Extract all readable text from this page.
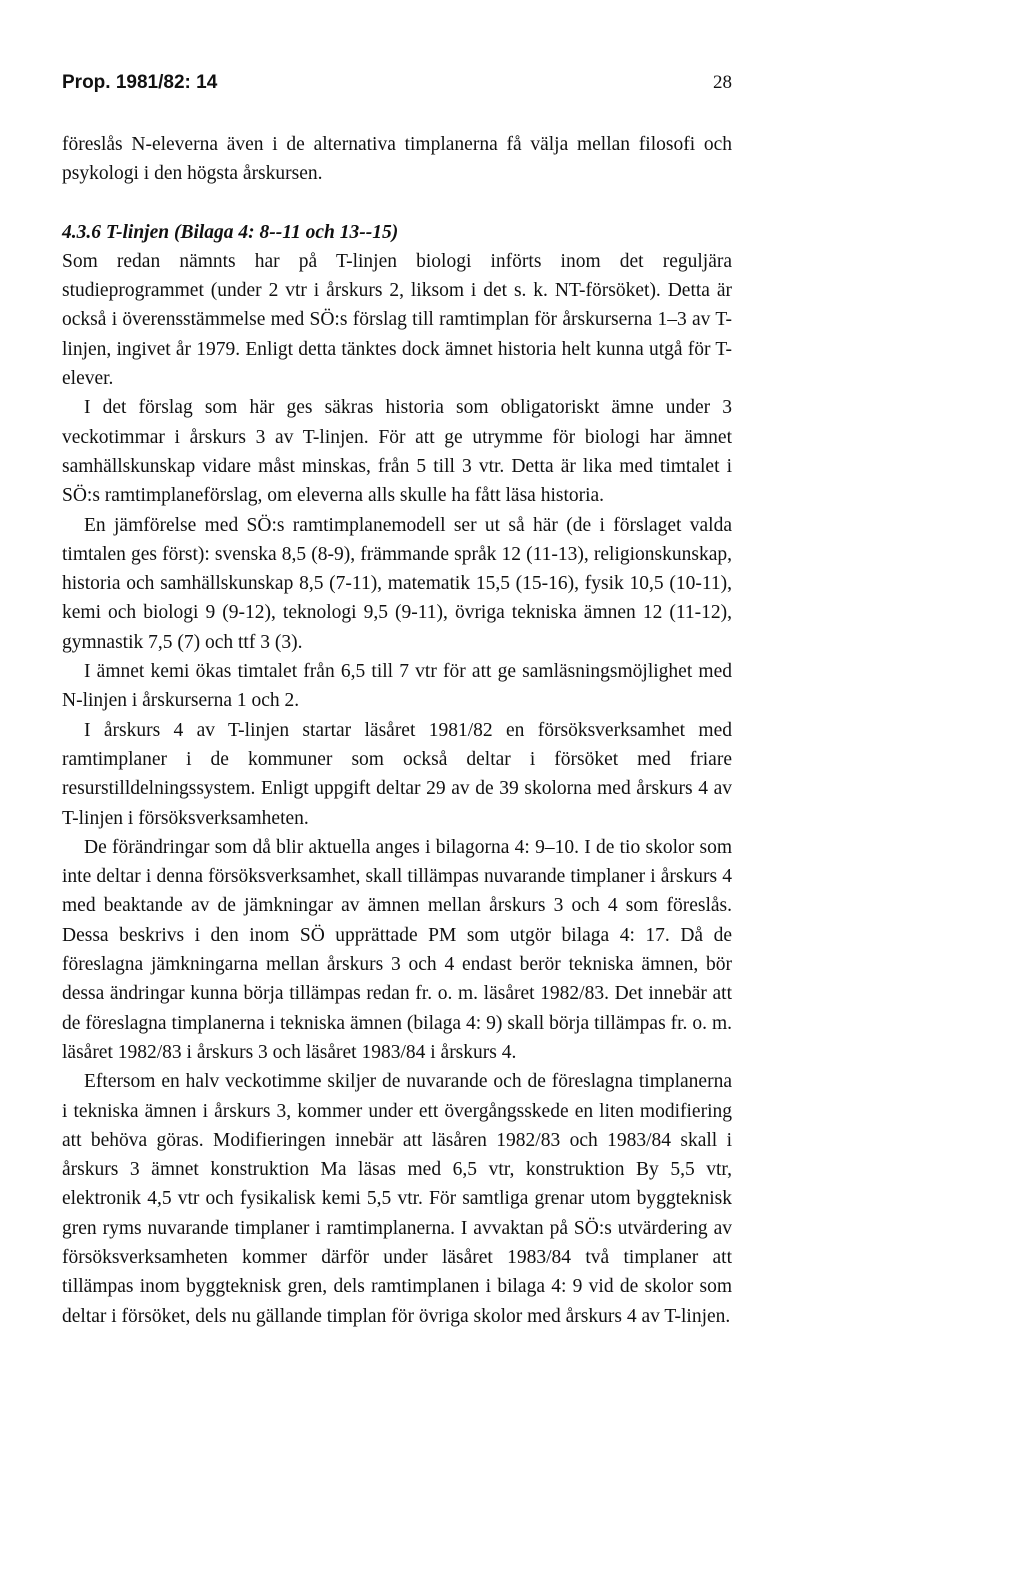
Prop. 1981/82: 14	28

föreslås N-eleverna även i de alternativa timplanerna få välja mellan filosofi och psykologi i den högsta årskursen.

4.3.6 T-linjen (Bilaga 4: 8--11 och 13--15)

Som redan nämnts har på T-linjen biologi införts inom det reguljära studieprogrammet (under 2 vtr i årskurs 2, liksom i det s. k. NT-försöket). Detta är också i överensstämmelse med SÖ:s förslag till ramtimplan för årskurserna 1–3 av T-linjen, ingivet år 1979. Enligt detta tänktes dock ämnet historia helt kunna utgå för T-elever.

I det förslag som här ges säkras historia som obligatoriskt ämne under 3 veckotimmar i årskurs 3 av T-linjen. För att ge utrymme för biologi har ämnet samhällskunskap vidare måst minskas, från 5 till 3 vtr. Detta är lika med timtalet i SÖ:s ramtimplaneförslag, om eleverna alls skulle ha fått läsa historia.

En jämförelse med SÖ:s ramtimplanemodell ser ut så här (de i förslaget valda timtalen ges först): svenska 8,5 (8-9), främmande språk 12 (11-13), religionskunskap, historia och samhällskunskap 8,5 (7-11), matematik 15,5 (15-16), fysik 10,5 (10-11), kemi och biologi 9 (9-12), teknologi 9,5 (9-11), övriga tekniska ämnen 12 (11-12), gymnastik 7,5 (7) och ttf 3 (3).

I ämnet kemi ökas timtalet från 6,5 till 7 vtr för att ge samläsningsmöjlighet med N-linjen i årskurserna 1 och 2.

I årskurs 4 av T-linjen startar läsåret 1981/82 en försöksverksamhet med ramtimplaner i de kommuner som också deltar i försöket med friare resurstilldelningssystem. Enligt uppgift deltar 29 av de 39 skolorna med årskurs 4 av T-linjen i försöksverksamheten.

De förändringar som då blir aktuella anges i bilagorna 4: 9–10. I de tio skolor som inte deltar i denna försöksverksamhet, skall tillämpas nuvarande timplaner i årskurs 4 med beaktande av de jämkningar av ämnen mellan årskurs 3 och 4 som föreslås. Dessa beskrivs i den inom SÖ upprättade PM som utgör bilaga 4: 17. Då de föreslagna jämkningarna mellan årskurs 3 och 4 endast berör tekniska ämnen, bör dessa ändringar kunna börja tillämpas redan fr. o. m. läsåret 1982/83. Det innebär att de föreslagna timplanerna i tekniska ämnen (bilaga 4: 9) skall börja tillämpas fr. o. m. läsåret 1982/83 i årskurs 3 och läsåret 1983/84 i årskurs 4.

Eftersom en halv veckotimme skiljer de nuvarande och de föreslagna timplanerna i tekniska ämnen i årskurs 3, kommer under ett övergångsskede en liten modifiering att behöva göras. Modifieringen innebär att läsåren 1982/83 och 1983/84 skall i årskurs 3 ämnet konstruktion Ma läsas med 6,5 vtr, konstruktion By 5,5 vtr, elektronik 4,5 vtr och fysikalisk kemi 5,5 vtr. För samtliga grenar utom byggteknisk gren ryms nuvarande timplaner i ramtimplanerna. I avvaktan på SÖ:s utvärdering av försöksverksamheten kommer därför under läsåret 1983/84 två timplaner att tillämpas inom byggteknisk gren, dels ramtimplanen i bilaga 4: 9 vid de skolor som deltar i försöket, dels nu gällande timplan för övriga skolor med årskurs 4 av T-linjen.
